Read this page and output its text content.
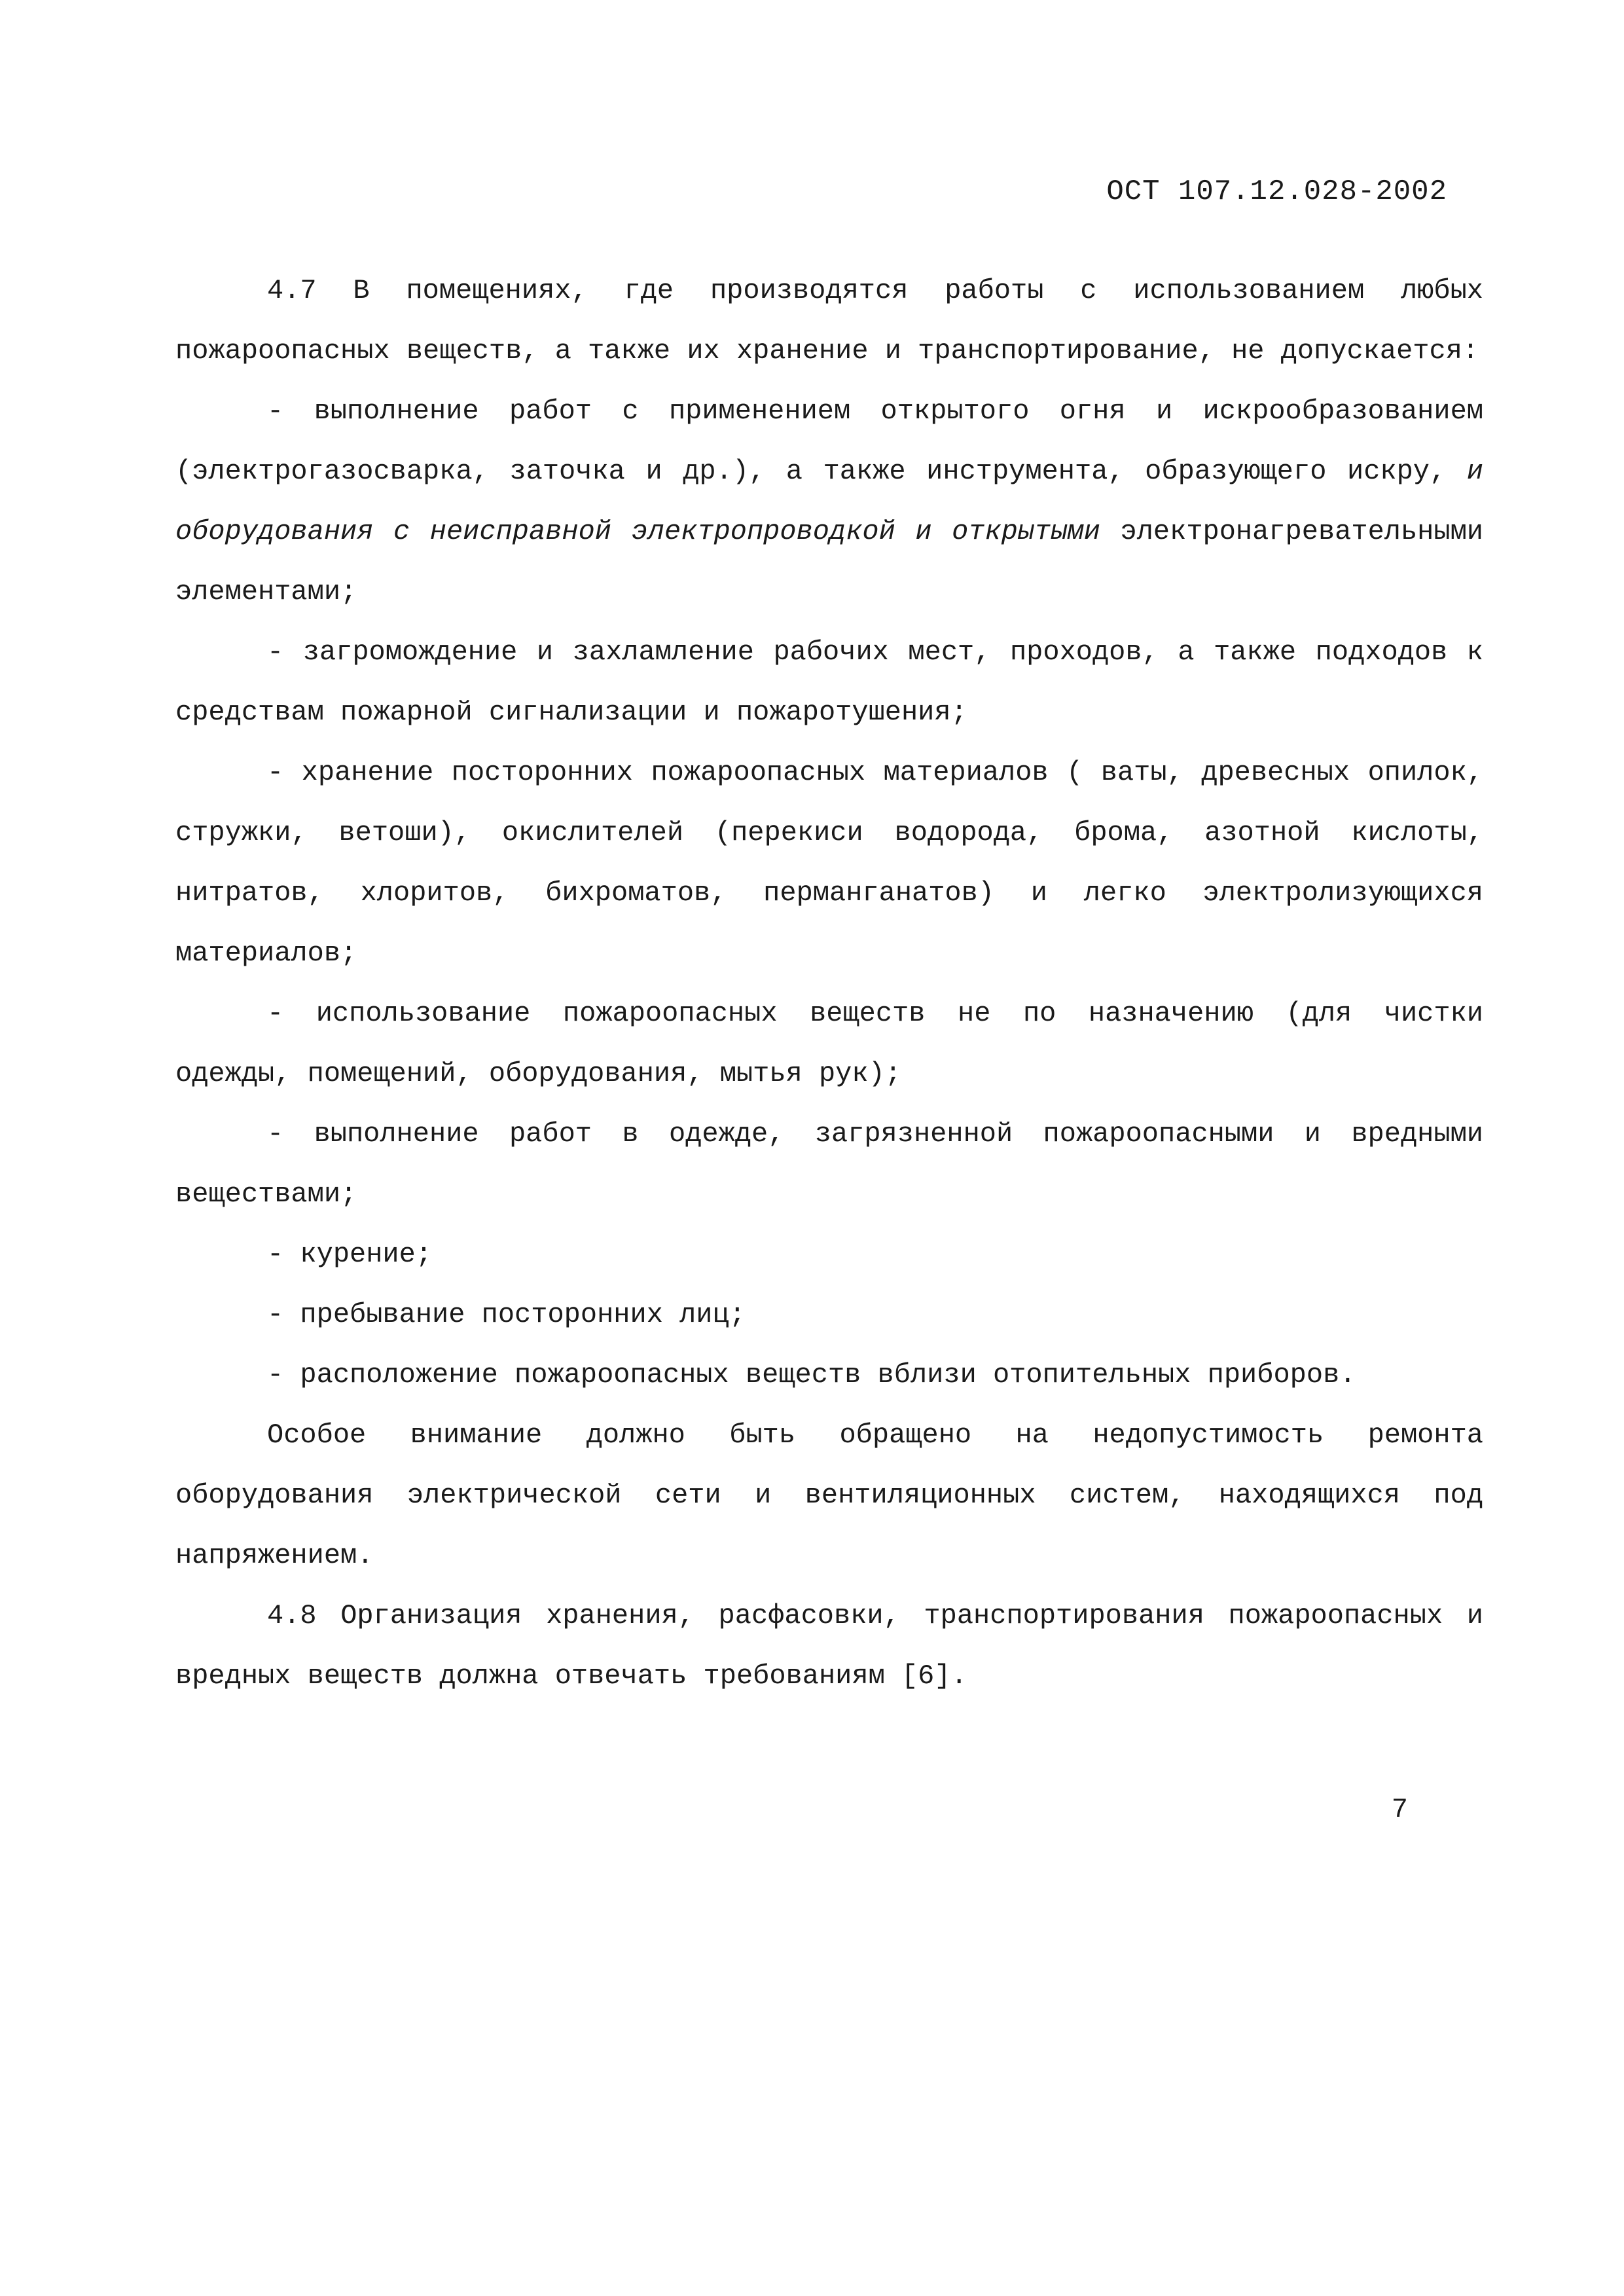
ОСТ 107.12.028-2002

4.7 В помещениях, где производятся работы с использованием любых пожароопасных веществ, а также их хранение и транспортирование, не допускается:

- выполнение работ с применением открытого огня и искрообразованием (электрогазосварка, заточка и др.), а также инструмента, образующего искру, и оборудования с неисправной электропроводкой и открытыми электронагревательными элементами;

- загромождение и захламление рабочих мест, проходов, а также подходов к средствам пожарной сигнализации и пожаротушения;

- хранение посторонних пожароопасных материалов ( ваты, древесных опилок, стружки, ветоши), окислителей (перекиси водорода, брома, азотной кислоты, нитратов, хлоритов, бихроматов, перманганатов) и легко электролизующихся материалов;

- использование пожароопасных веществ не по назначению (для чистки одежды, помещений, оборудования, мытья рук);

- выполнение работ в одежде, загрязненной пожароопасными и вредными веществами;

- курение;

- пребывание посторонних лиц;

- расположение пожароопасных веществ вблизи отопительных приборов.

Особое внимание должно быть обращено на недопустимость ремонта оборудования электрической сети и вентиляционных систем, находящихся под напряжением.

4.8 Организация хранения, расфасовки, транспортирования пожароопасных и вредных веществ должна отвечать требованиям [6].

7
